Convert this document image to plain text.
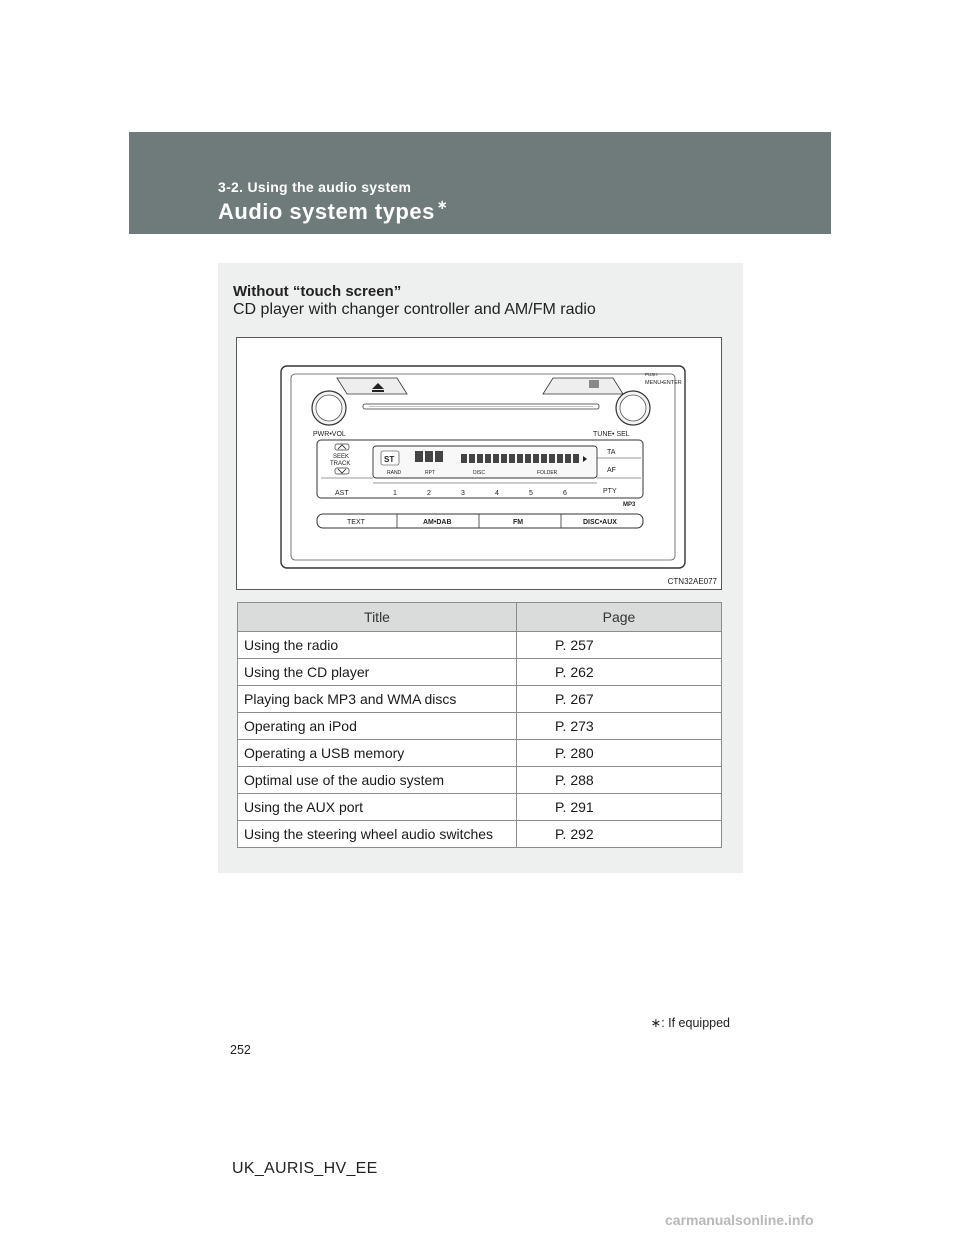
3-2. Using the audio system
Audio system types ∗
Without “touch screen”
CD player with changer controller and AM/FM radio
PUSH
MENU•ENTER
PWR•VOL	TUNE• SEL
SEEK
TRACK
AST
ST
RAND	RPT	DISC	FOLDER
TA
AF
PTY
1	2	3	4	5	6
MP3
TEXT	AM•DAB	FM	DISC•AUX
CTN32AE077
Title	Page
Using the radio	P. 257
Using the CD player	P. 262
Playing back MP3 and WMA discs	P. 267
Operating an iPod	P. 273
Operating a USB memory	P. 280
Optimal use of the audio system	P. 288
Using the AUX port	P. 291
Using the steering wheel audio switches	P. 292
∗: If equipped
252
UK_AURIS_HV_EE
carmanualsonline.info
